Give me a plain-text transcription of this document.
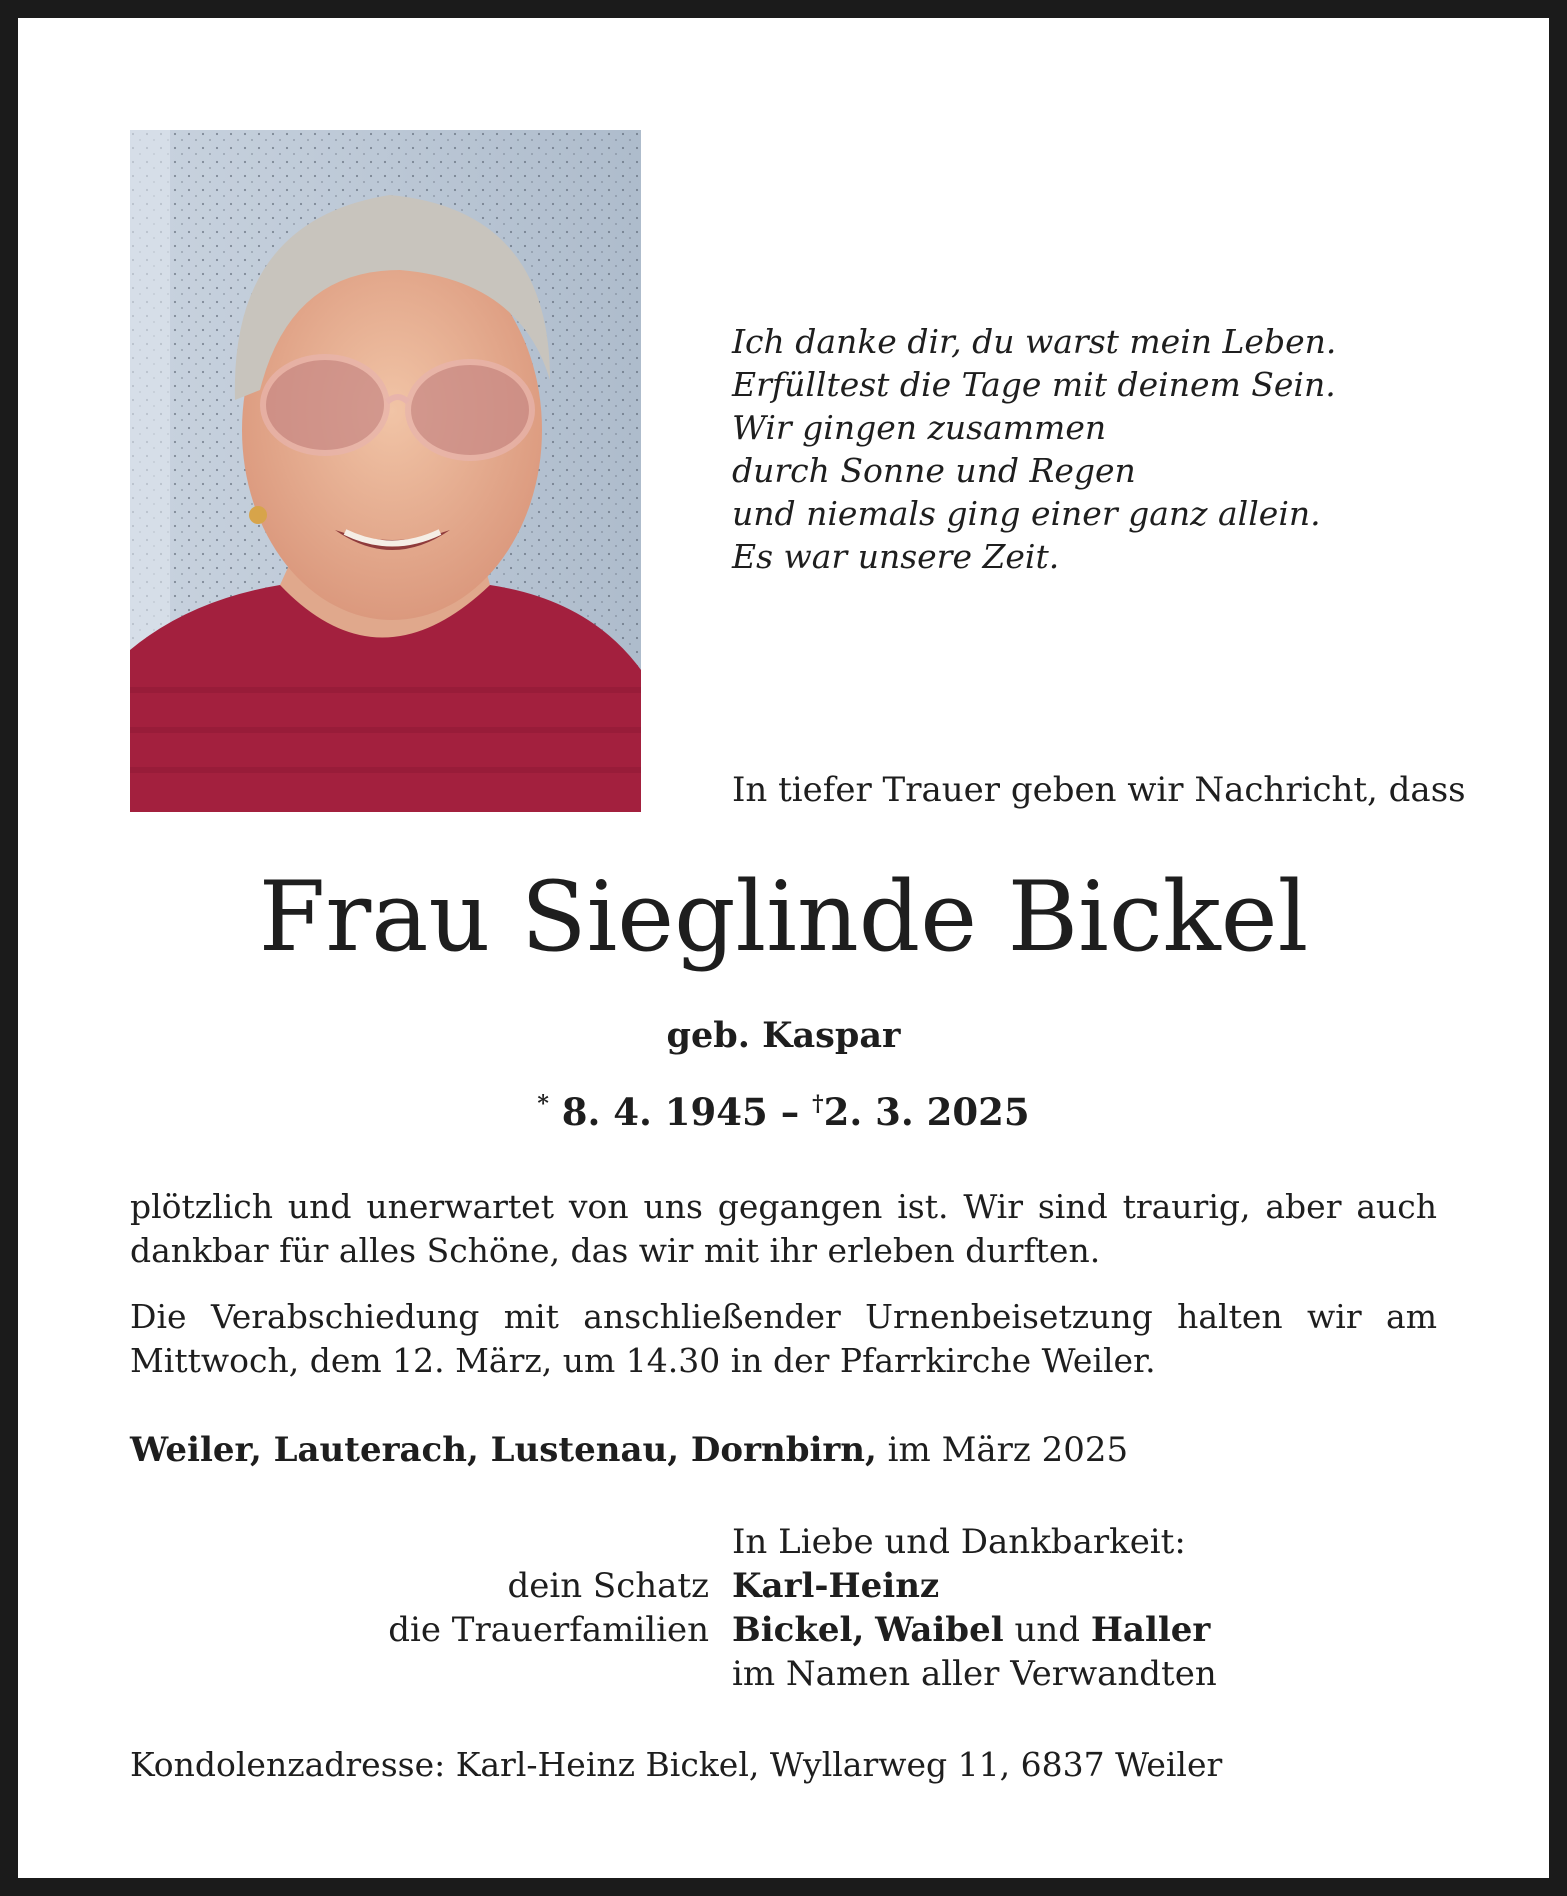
Ich danke dir, du warst mein Leben.
Erfülltest die Tage mit deinem Sein.
Wir gingen zusammen
durch Sonne und Regen
und niemals ging einer ganz allein.
Es war unsere Zeit.
In tiefer Trauer geben wir Nachricht, dass
Frau Sieglinde Bickel
geb. Kaspar
* 8. 4. 1945 – †2. 3. 2025

plötzlich und unerwartet von uns gegangen ist. Wir sind traurig, aber auch dankbar für alles Schöne, das wir mit ihr erleben durften.

Die Verabschiedung mit anschließender Urnenbeisetzung halten wir am Mittwoch, dem 12. März, um 14.30 in der Pfarrkirche Weiler.

Weiler, Lauterach, Lustenau, Dornbirn, im März 2025
In Liebe und Dankbarkeit:
dein Schatz Karl-Heinz
die Trauerfamilien Bickel, Waibel und Haller
im Namen aller Verwandten
Kondolenzadresse: Karl-Heinz Bickel, Wyllarweg 11, 6837 Weiler
